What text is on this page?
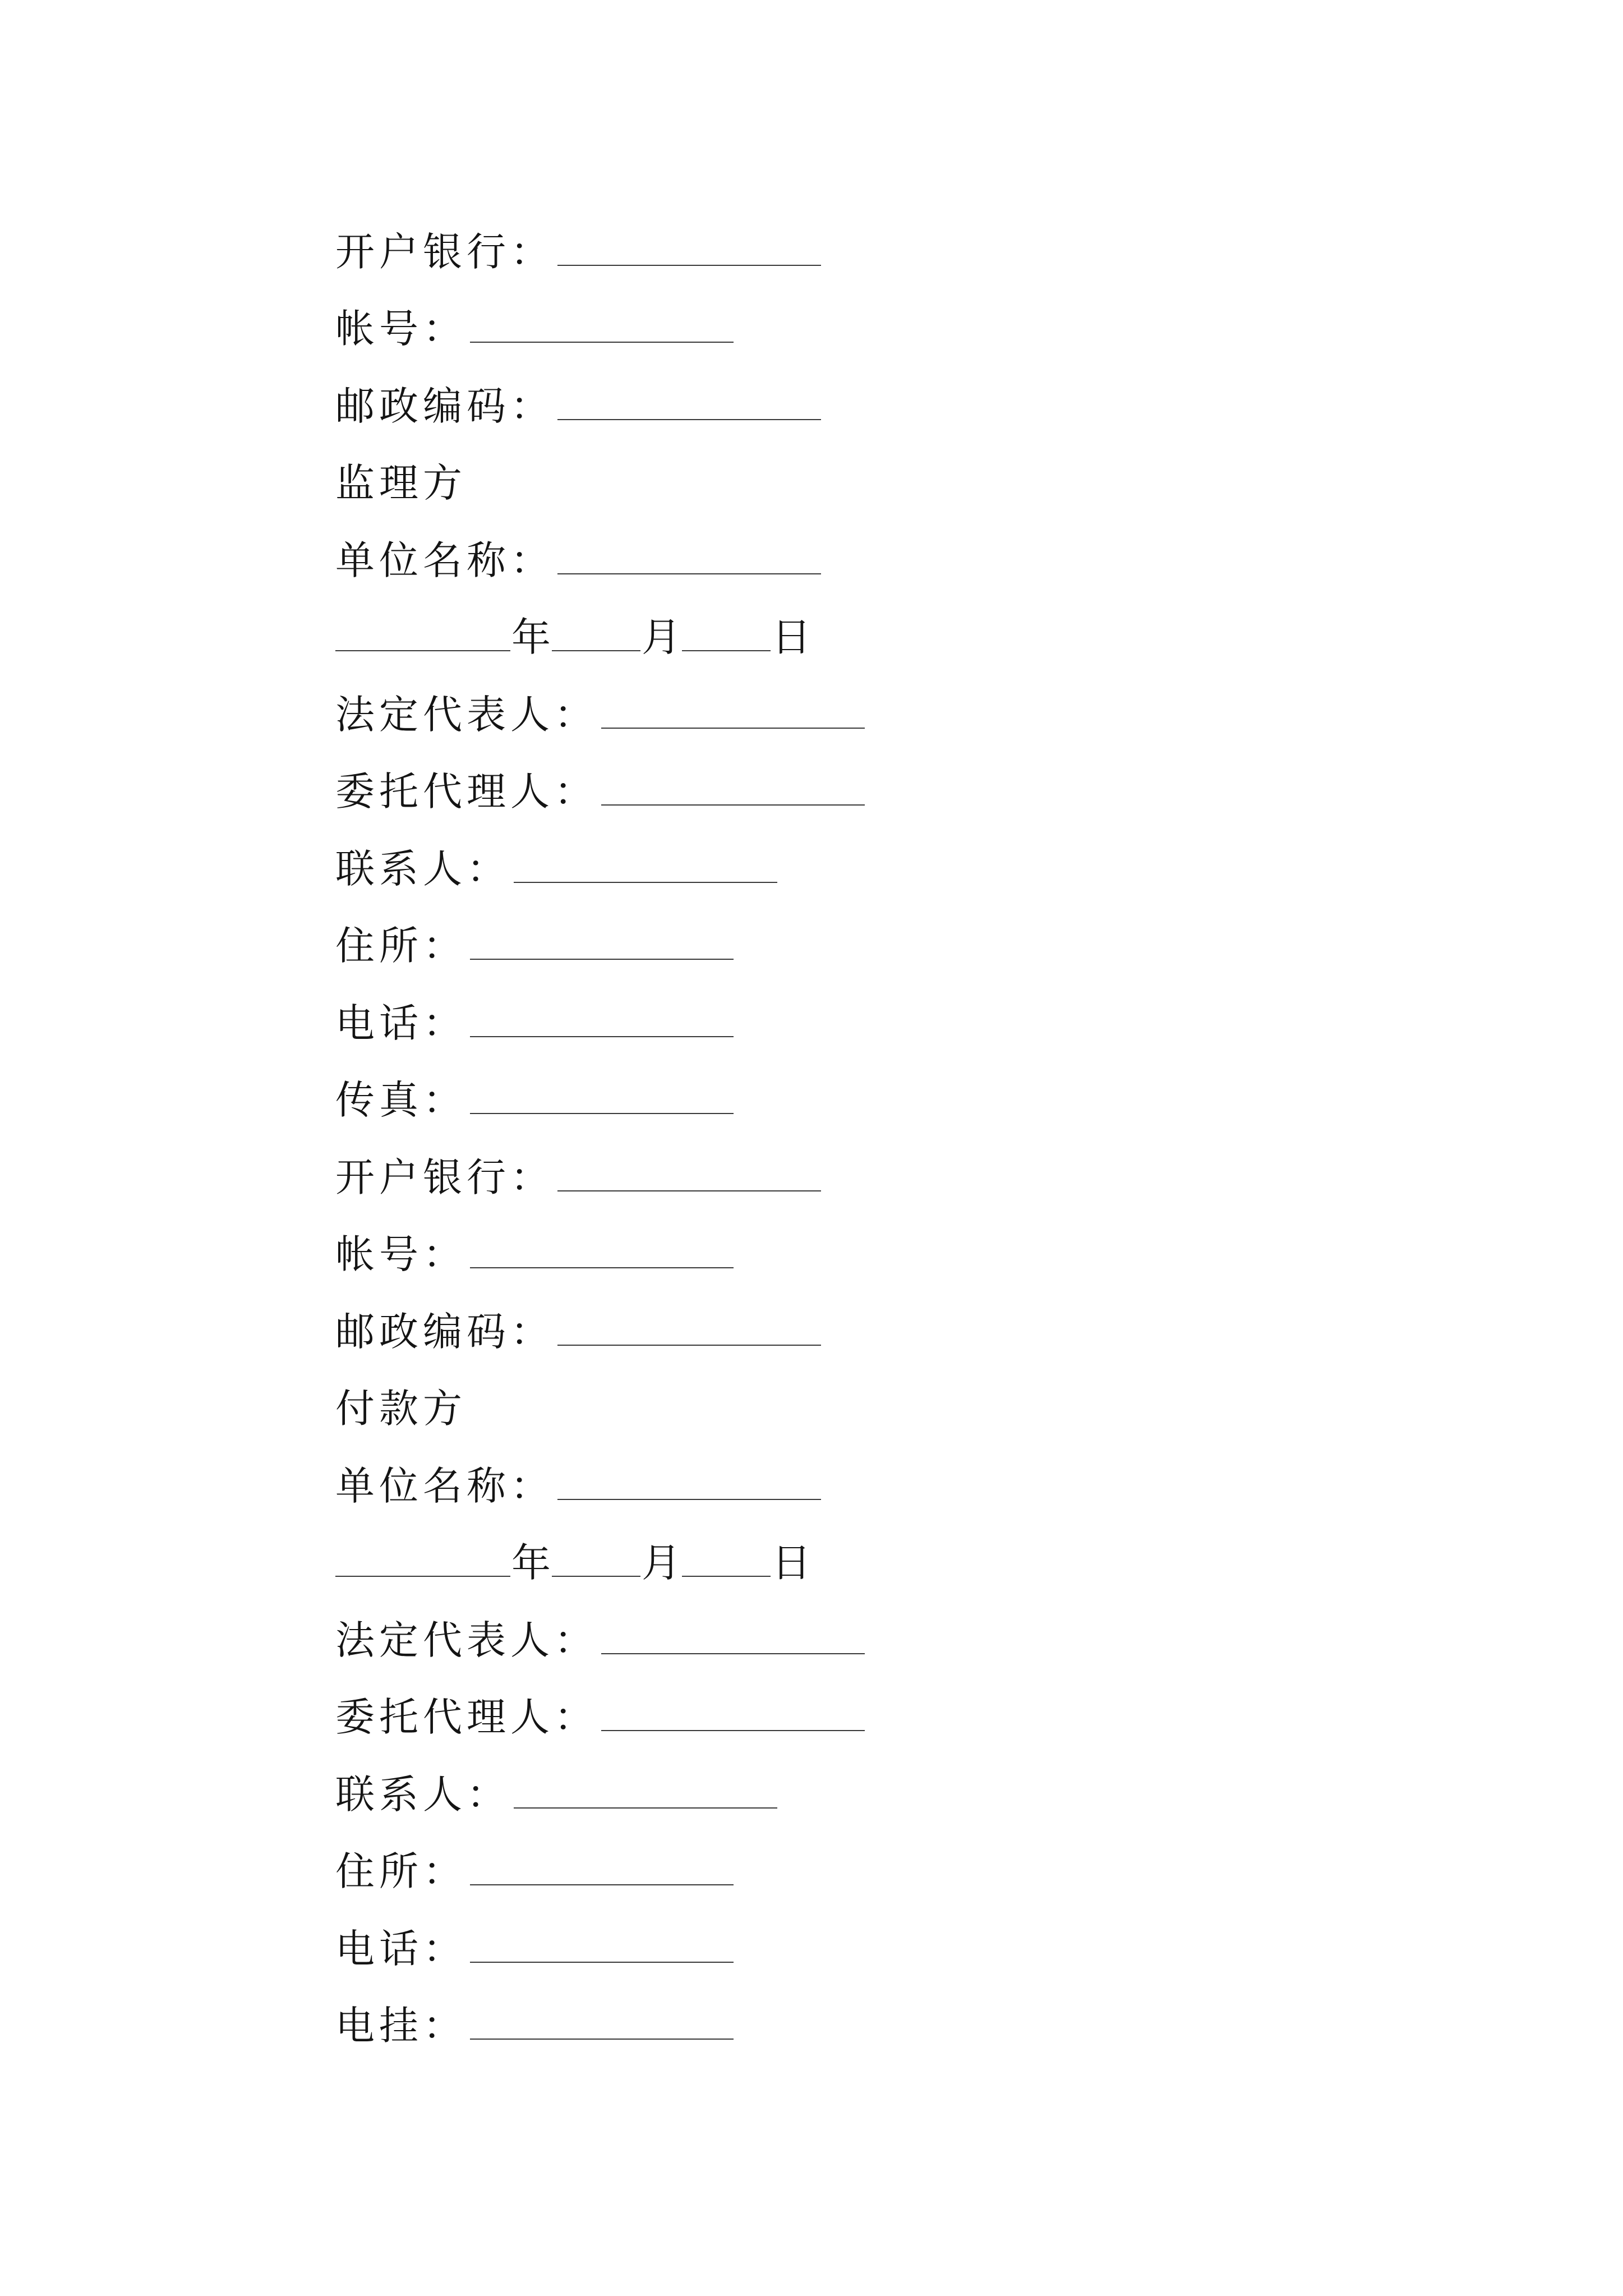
开户银行：
帐号：
邮政编码：
监理方
单位名称：
年 月 日
法定代表人：
委托代理人：
联系人：
住所：
电话：
传真：
开户银行：
帐号：
邮政编码：
付款方
单位名称：
年 月 日
法定代表人：
委托代理人：
联系人：
住所：
电话：
电挂：
